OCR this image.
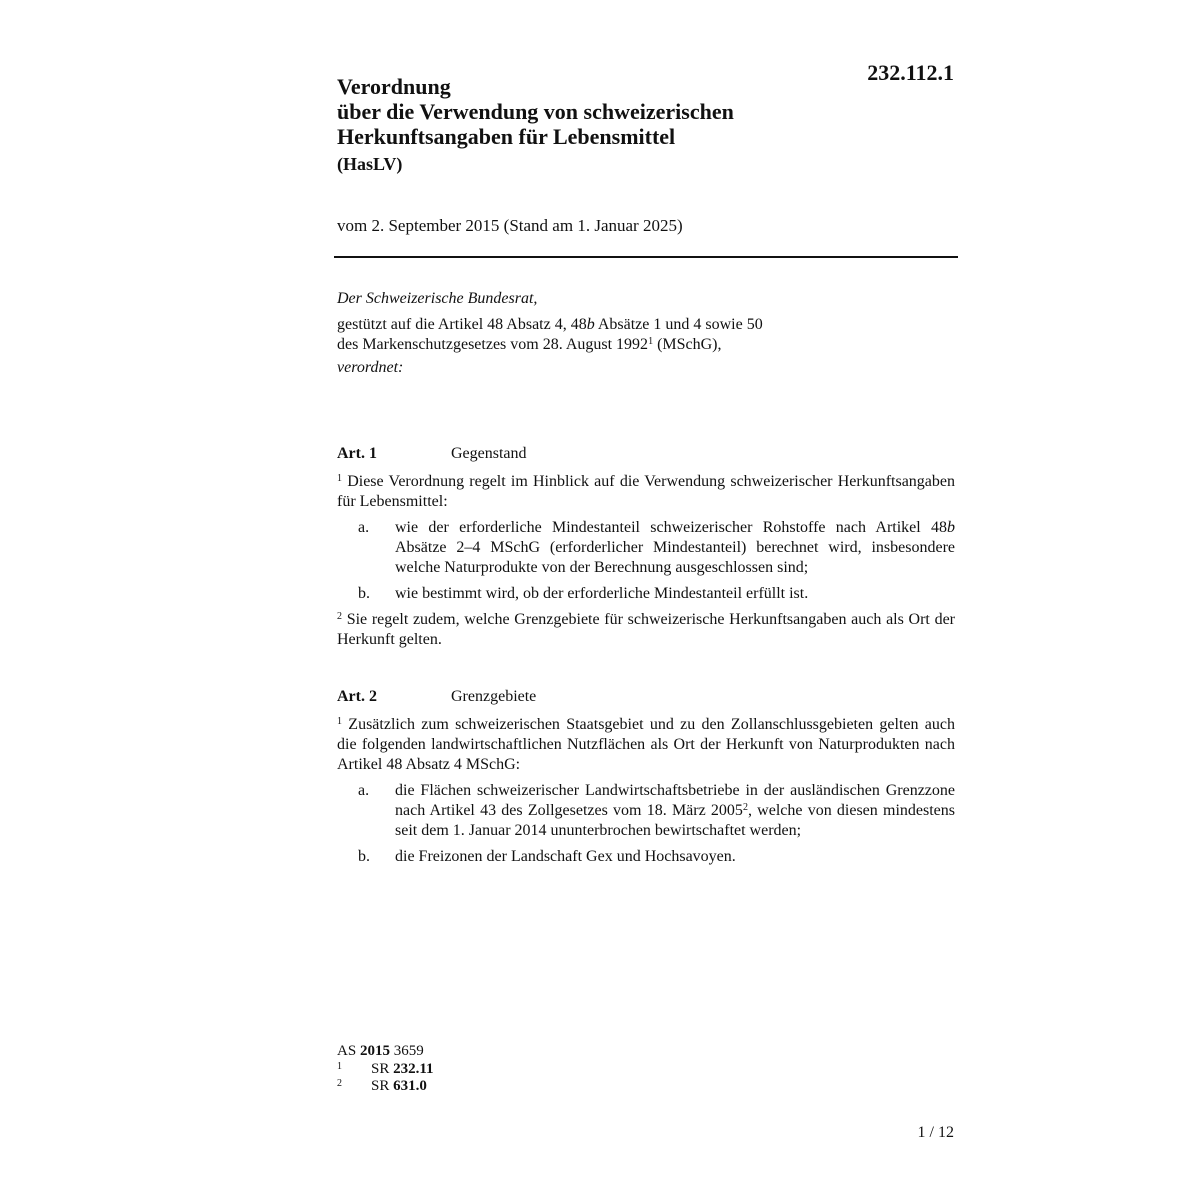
232.112.1
Verordnung
über die Verwendung von schweizerischen
Herkunftsangaben für Lebensmittel
(HasLV)
vom 2. September 2015 (Stand am 1. Januar 2025)
Der Schweizerische Bundesrat,
gestützt auf die Artikel 48 Absatz 4, 48b Absätze 1 und 4 sowie 50
des Markenschutzgesetzes vom 28. August 1992$^1$ (MSchG),
verordnet:
Art. 1	Gegenstand
$^1$ Diese Verordnung regelt im Hinblick auf die Verwendung schweizerischer Herkunftsangaben für Lebensmittel:
a.	wie der erforderliche Mindestanteil schweizerischer Rohstoffe nach Artikel 48b Absätze 2–4 MSchG (erforderlicher Mindestanteil) berechnet wird, insbesondere welche Naturprodukte von der Berechnung ausgeschlossen sind;
b.	wie bestimmt wird, ob der erforderliche Mindestanteil erfüllt ist.
$^2$ Sie regelt zudem, welche Grenzgebiete für schweizerische Herkunftsangaben auch als Ort der Herkunft gelten.
Art. 2	Grenzgebiete
$^1$ Zusätzlich zum schweizerischen Staatsgebiet und zu den Zollanschlussgebieten gelten auch die folgenden landwirtschaftlichen Nutzflächen als Ort der Herkunft von Naturprodukten nach Artikel 48 Absatz 4 MSchG:
a.	die Flächen schweizerischer Landwirtschaftsbetriebe in der ausländischen Grenzzone nach Artikel 43 des Zollgesetzes vom 18. März 2005$^2$, welche von diesen mindestens seit dem 1. Januar 2014 ununterbrochen bewirtschaftet werden;
b.	die Freizonen der Landschaft Gex und Hochsavoyen.
AS 2015 3659
1	SR 232.11
2	SR 631.0
1 / 12
